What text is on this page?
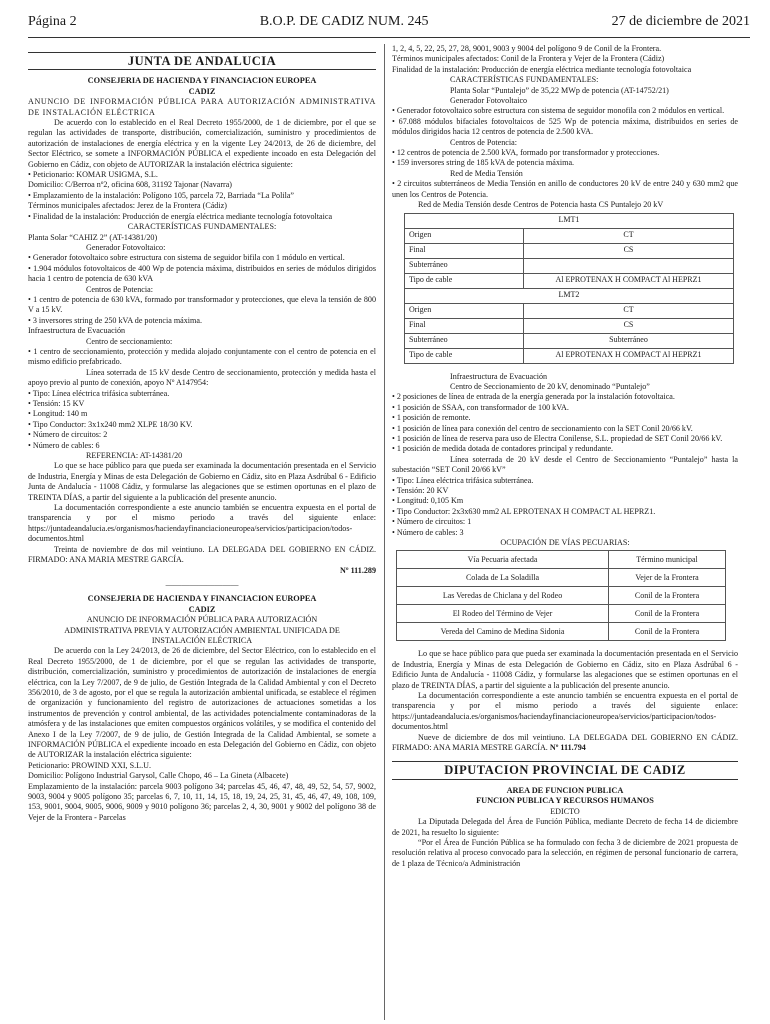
Página 2	B.O.P. DE CADIZ NUM. 245	27 de diciembre de 2021
JUNTA DE ANDALUCIA

CONSEJERIA DE HACIENDA Y FINANCIACION EUROPEA

CADIZ

ANUNCIO DE INFORMACIÓN PÚBLICA PARA AUTORIZACIÓN ADMINISTRATIVA DE INSTALACIÓN ELÉCTRICA

De acuerdo con lo establecido en el Real Decreto 1955/2000, de 1 de diciembre, por el que se regulan las actividades de transporte, distribución, comercialización, suministro y procedimientos de autorización de instalaciones de energía eléctrica y en la vigente Ley 24/2013, de 26 de diciembre, del Sector Eléctrico, se somete a INFORMACIÓN PÚBLICA el expediente incoado en esta Delegación del Gobierno en Cádiz, con objeto de AUTORIZAR la instalación eléctrica siguiente:

• Peticionario: KOMAR USIGMA, S.L.

Domicilio: C/Berroa nº2, oficina 608, 31192 Tajonar (Navarra)

• Emplazamiento de la instalación: Polígono 105, parcela 72, Barriada “La Polila”

Términos municipales afectados: Jerez de la Frontera (Cádiz)

• Finalidad de la instalación: Producción de energía eléctrica mediante tecnología fotovoltaica

CARACTERÍSTICAS FUNDAMENTALES:

Planta Solar “CAHIZ 2” (AT-14381/20)

Generador Fotovoltaico:

• Generador fotovoltaico sobre estructura con sistema de seguidor bifila con 1 módulo en vertical.

• 1.904 módulos fotovoltaicos de 400 Wp de potencia máxima, distribuidos en series de módulos dirigidos hacia 1 centro de potencia de 630 kVA

Centros de Potencia:

• 1 centro de potencia de 630 kVA, formado por transformador y protecciones, que eleva la tensión de 800 V a 15 kV.

• 3 inversores string de 250 kVA de potencia máxima.

Infraestructura de Evacuación

Centro de seccionamiento:

• 1 centro de seccionamiento, protección y medida alojado conjuntamente con el centro de potencia en el mismo edificio prefabricado.

Línea soterrada de 15 kV desde Centro de seccionamiento, protección y medida hasta el apoyo previo al punto de conexión, apoyo Nº A147954:

• Tipo: Línea eléctrica trifásica subterránea.

• Tensión: 15 KV

• Longitud: 140 m

• Tipo Conductor: 3x1x240 mm2 XLPE 18/30 KV.

• Número de circuitos: 2

• Número de cables: 6

REFERENCIA: AT-14381/20

Lo que se hace público para que pueda ser examinada la documentación presentada en el Servicio de Industria, Energía y Minas de esta Delegación de Gobierno en Cádiz, sito en Plaza Asdrúbal 6 - Edificio Junta de Andalucía - 11008 Cádiz, y formularse las alegaciones que se estimen oportunas en el plazo de TREINTA DÍAS, a partir del siguiente a la publicación del presente anuncio.

La documentación correspondiente a este anuncio también se encuentra expuesta en el portal de transparencia y por el mismo periodo a través del siguiente enlace: https://juntadeandalucia.es/organismos/haciendayfinanciacioneuropea/servicios/participacion/todos-documentos.html

Treinta de noviembre de dos mil veintiuno. LA DELEGADA DEL GOBIERNO EN CÁDIZ. FIRMADO: ANA MARIA MESTRE GARCÍA.

Nº 111.289

—————————

CONSEJERIA DE HACIENDA Y FINANCIACION EUROPEA

CADIZ

ANUNCIO DE INFORMACIÓN PÚBLICA PARA AUTORIZACIÓN ADMINISTRATIVA PREVIA Y AUTORIZACIÓN AMBIENTAL UNIFICADA DE INSTALACIÓN ELÉCTRICA

De acuerdo con la Ley 24/2013, de 26 de diciembre, del Sector Eléctrico, con lo establecido en el Real Decreto 1955/2000, de 1 de diciembre, por el que se regulan las actividades de transporte, distribución, comercialización, suministro y procedimientos de autorización de instalaciones de energía eléctrica, con la Ley 7/2007, de 9 de julio, de Gestión Integrada de la Calidad Ambiental y con el Decreto 356/2010, de 3 de agosto, por el que se regula la autorización ambiental unificada, se establece el régimen de organización y funcionamiento del registro de autorizaciones de actuaciones sometidas a los instrumentos de prevención y control ambiental, de las actividades potencialmente contaminadoras de la atmósfera y de las instalaciones que emiten compuestos orgánicos volátiles, y se modifica el contenido del Anexo I de la Ley 7/2007, de 9 de julio, de Gestión Integrada de la Calidad Ambiental, se somete a INFORMACIÓN PÚBLICA el expediente incoado en esta Delegación del Gobierno en Cádiz, con objeto de AUTORIZAR la instalación eléctrica siguiente:

Peticionario: PROWIND XXI, S.L.U.

Domicilio: Polígono Industrial Garysol, Calle Chopo, 46 – La Gineta (Albacete)

Emplazamiento de la instalación: parcela 9003 polígono 34; parcelas 45, 46, 47, 48, 49, 52, 54, 57, 9002, 9003, 9004 y 9005 polígono 35; parcelas 6, 7, 10, 11, 14, 15, 18, 19, 24, 25, 31, 45, 46, 47, 49, 108, 109, 153, 9001, 9004, 9005, 9006, 9009 y 9010 polígono 36; parcelas 2, 4, 30, 9001 y 9002 del polígono 38 de Vejer de la Frontera - Parcelas

1, 2, 4, 5, 22, 25, 27, 28, 9001, 9003 y 9004 del polígono 9 de Conil de la Frontera.

Términos municipales afectados: Conil de la Frontera y Vejer de la Frontera (Cádiz)

Finalidad de la instalación: Producción de energía eléctrica mediante tecnología fotovoltaica

CARACTERÍSTICAS FUNDAMENTALES:

Planta Solar “Puntalejo” de 35,22 MWp de potencia (AT-14752/21)

Generador Fotovoltaico

• Generador fotovoltaico sobre estructura con sistema de seguidor monofila con 2 módulos en vertical.

• 67.088 módulos bifaciales fotovoltaicos de 525 Wp de potencia máxima, distribuidos en series de módulos dirigidos hacia 12 centros de potencia de 2.500 kVA.

Centros de Potencia:

• 12 centros de potencia de 2.500 kVA, formado por transformador y protecciones.

• 159 inversores string de 185 kVA de potencia máxima.

Red de Media Tensión

• 2 circuitos subterráneos de Media Tensión en anillo de conductores 20 kV de entre 240 y 630 mm2 que unen los Centros de Potencia.

Red de Media Tensión desde Centros de Potencia hasta CS Puntalejo 20 kV

LMT1	
Origen	CT
Final	CS
Subterráneo	
Tipo de cable	Al EPROTENAX H COMPACT Al HEPRZ1
LMT2	
Origen	CT
Final	CS
Subterráneo	Subterráneo
Tipo de cable	Al EPROTENAX H COMPACT Al HEPRZ1

Infraestructura de Evacuación

Centro de Seccionamiento de 20 kV, denominado “Puntalejo”

• 2 posiciones de línea de entrada de la energía generada por la instalación fotovoltaica.

• 1 posición de SSAA, con transformador de 100 kVA.

• 1 posición de remonte.

• 1 posición de línea para conexión del centro de seccionamiento con la SET Conil 20/66 kV.

• 1 posición de línea de reserva para uso de Electra Conilense, S.L. propiedad de SET Conil 20/66 kV.

• 1 posición de medida dotada de contadores principal y redundante.

Línea soterrada de 20 kV desde el Centro de Seccionamiento “Puntalejo” hasta la subestación “SET Conil 20/66 kV”

• Tipo: Línea eléctrica trifásica subterránea.

• Tensión: 20 KV

• Longitud: 0,105 Km

• Tipo Conductor: 2x3x630 mm2 AL EPROTENAX H COMPACT AL HEPRZ1.

• Número de circuitos: 1

• Número de cables: 3

OCUPACIÓN DE VÍAS PECUARIAS:

Vía Pecuaria afectada	Término municipal
Colada de La Soladilla	Vejer de la Frontera
Las Veredas de Chiclana y del Rodeo	Conil de la Frontera
El Rodeo del Término de Vejer	Conil de la Frontera
Vereda del Camino de Medina Sidonia	Conil de la Frontera

Lo que se hace público para que pueda ser examinada la documentación presentada en el Servicio de Industria, Energía y Minas de esta Delegación de Gobierno en Cádiz, sito en Plaza Asdrúbal 6 - Edificio Junta de Andalucía - 11008 Cádiz, y formularse las alegaciones que se estimen oportunas en el plazo de TREINTA DÍAS, a partir del siguiente a la publicación del presente anuncio.

La documentación correspondiente a este anuncio también se encuentra expuesta en el portal de transparencia y por el mismo periodo a través del siguiente enlace: https://juntadeandalucia.es/organismos/haciendayfinanciacioneuropea/servicios/participacion/todos-documentos.html

Nueve de diciembre de dos mil veintiuno. LA DELEGADA DEL GOBIERNO EN CÁDIZ. FIRMADO: ANA MARIA MESTRE GARCÍA. Nº 111.794

DIPUTACION PROVINCIAL DE CADIZ

AREA DE FUNCION PUBLICA

FUNCION PUBLICA Y RECURSOS HUMANOS

EDICTO

La Diputada Delegada del Área de Función Pública, mediante Decreto de fecha 14 de diciembre de 2021, ha resuelto lo siguiente:

“Por el Área de Función Pública se ha formulado con fecha 3 de diciembre de 2021 propuesta de resolución relativa al proceso convocado para la selección, en régimen de personal funcionario de carrera, de 1 plaza de Técnico/a Administración
